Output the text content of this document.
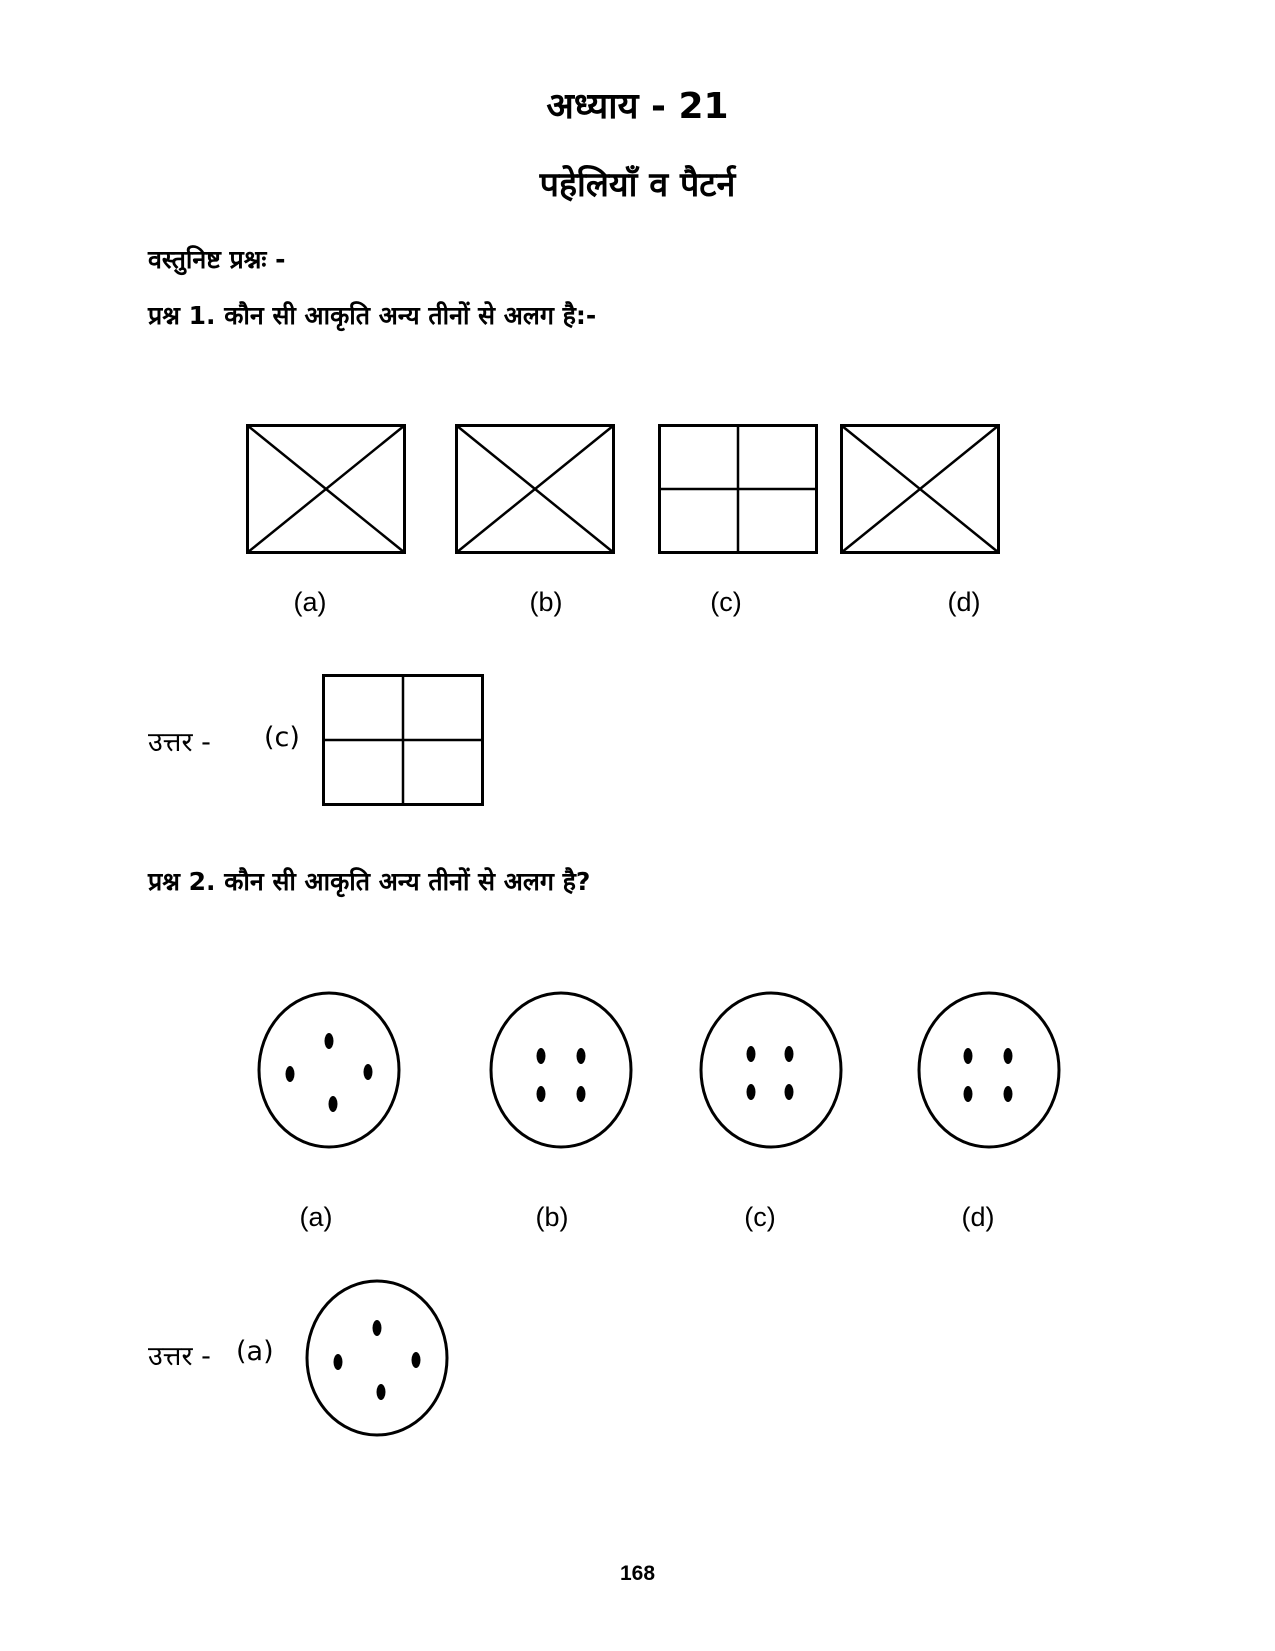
अध्याय - 21
पहेलियाँ व पैटर्न
वस्तुनिष्ट प्रश्नः -
प्रश्न 1. कौन सी आकृति अन्य तीनों से अलग है:-
(a)	(b)	(c)	(d)
उत्तर - (c)
प्रश्न 2. कौन सी आकृति अन्य तीनों से अलग है?
(a)	(b)	(c)	(d)
उत्तर - (a)
168
